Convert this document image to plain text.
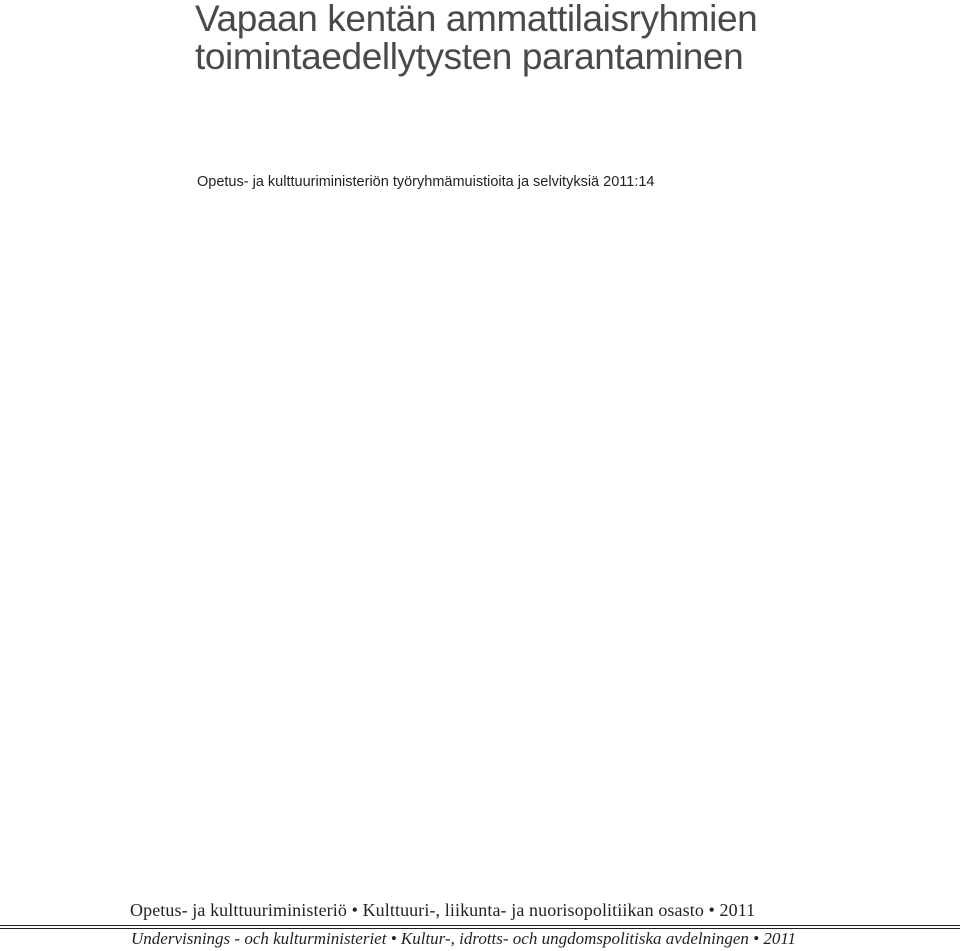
Vapaan kentän ammattilaisryhmien
toimintaedellytysten parantaminen
Opetus- ja kulttuuriministeriön työryhmämuistioita ja selvityksiä 2011:14
Opetus- ja kulttuuriministeriö • Kulttuuri-, liikunta- ja nuorisopolitiikan osasto • 2011
Undervisnings - och kulturministeriet • Kultur-, idrotts- och ungdomspolitiska avdelningen • 2011
